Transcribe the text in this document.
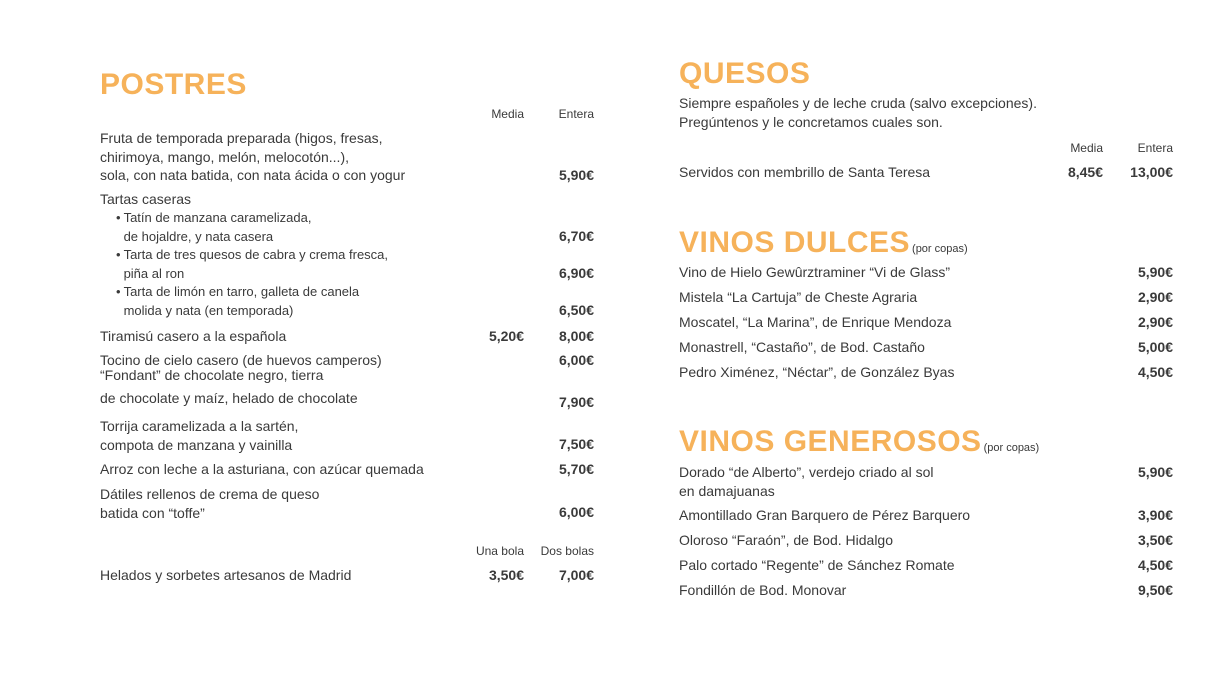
POSTRES
Media	Entera
Fruta de temporada preparada (higos, fresas,
chirimoya, mango, melón, melocotón...),
sola, con nata batida, con nata ácida o con yogur	5,90€
Tartas caseras
• Tatín de manzana caramelizada,
de hojaldre, y nata casera	6,70€
• Tarta de tres quesos de cabra y crema fresca,
piña al ron	6,90€
• Tarta de limón en tarro, galleta de canela
molida y nata (en temporada)	6,50€
Tiramisú casero a la española	5,20€ 8,00€
Tocino de cielo casero (de huevos camperos)	6,00€
“Fondant” de chocolate negro, tierra

de chocolate y maíz, helado de chocolate	7,90€
Torrija caramelizada a la sartén,
compota de manzana y vainilla	7,50€
Arroz con leche a la asturiana, con azúcar quemada	5,70€
Dátiles rellenos de crema de queso
batida con “toffe”	6,00€
Una bola Dos bolas
Helados y sorbetes artesanos de Madrid	3,50€ 7,00€
QUESOS
Siempre españoles y de leche cruda (salvo excepciones).
Pregúntenos y le concretamos cuales son.
Media	Entera
Servidos con membrillo de Santa Teresa	8,45€ 13,00€
VINOS DULCES (por copas)
Vino de Hielo Gewûrztraminer “Vi de Glass”	5,90€
Mistela “La Cartuja” de Cheste Agraria	2,90€
Moscatel, “La Marina”, de Enrique Mendoza	2,90€
Monastrell, “Castaño”, de Bod. Castaño	5,00€
Pedro Ximénez, “Néctar”, de González Byas	4,50€
VINOS GENEROSOS (por copas)
Dorado “de Alberto”, verdejo criado al sol
en damajuanas
5,90€
Amontillado Gran Barquero de Pérez Barquero	3,90€
Oloroso “Faraón”, de Bod. Hidalgo	3,50€
Palo cortado “Regente” de Sánchez Romate	4,50€
Fondillón de Bod. Monovar	9,50€
